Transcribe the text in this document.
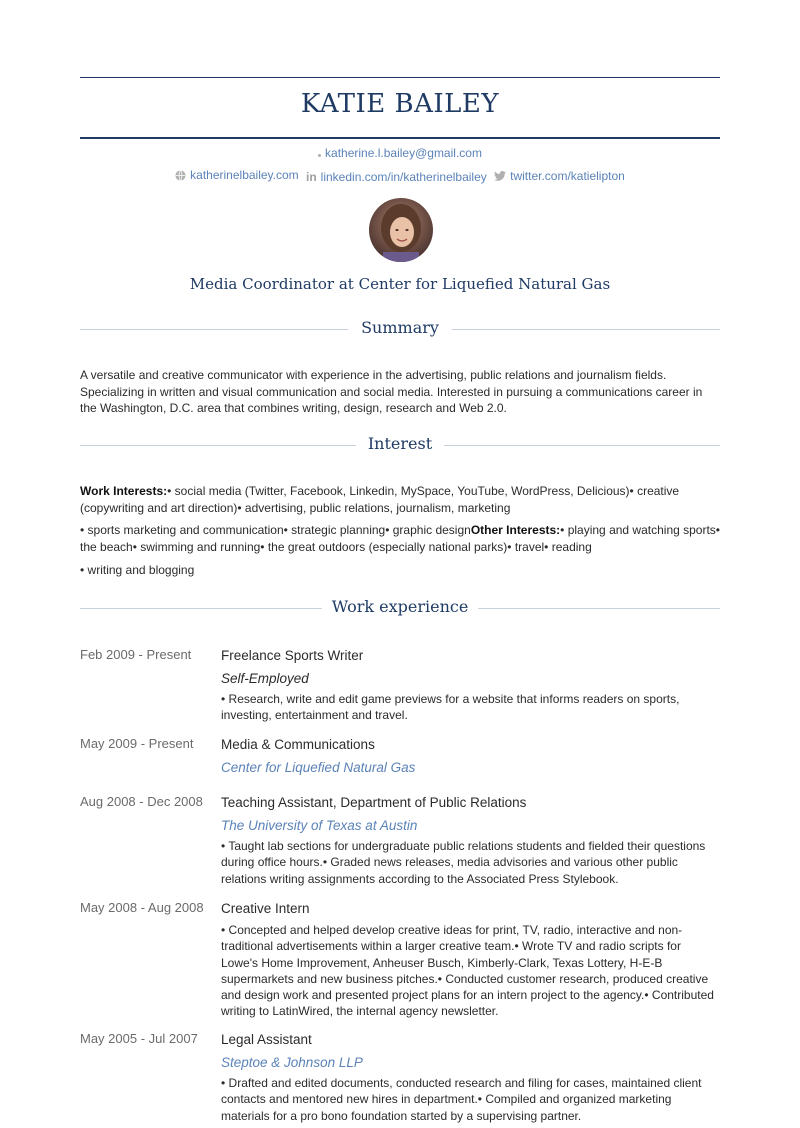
KATIE BAILEY
katherine.l.bailey@gmail.com
katherinelbailey.com
in linkedin.com/in/katherinelbailey
twitter.com/katielipton
Media Coordinator at Center for Liquefied Natural Gas
Summary
A versatile and creative communicator with experience in the advertising, public relations and journalism fields. Specializing in written and visual communication and social media. Interested in pursuing a communications career in the Washington, D.C. area that combines writing, design, research and Web 2.0.
Interest
Work Interests:• social media (Twitter, Facebook, Linkedin, MySpace, YouTube, WordPress, Delicious)• creative (copywriting and art direction)• advertising, public relations, journalism, marketing
• sports marketing and communication• strategic planning• graphic designOther Interests:• playing and watching sports• the beach• swimming and running• the great outdoors (especially national parks)• travel• reading
• writing and blogging
Work experience
Feb 2009 - Present Freelance Sports Writer
Self-Employed
• Research, write and edit game previews for a website that informs readers on sports, investing, entertainment and travel.
May 2009 - Present Media & Communications
Center for Liquefied Natural Gas
Aug 2008 - Dec 2008 Teaching Assistant, Department of Public Relations
The University of Texas at Austin
• Taught lab sections for undergraduate public relations students and fielded their questions during office hours.• Graded news releases, media advisories and various other public relations writing assignments according to the Associated Press Stylebook.
May 2008 - Aug 2008 Creative Intern
• Concepted and helped develop creative ideas for print, TV, radio, interactive and non-traditional advertisements within a larger creative team.• Wrote TV and radio scripts for Lowe's Home Improvement, Anheuser Busch, Kimberly-Clark, Texas Lottery, H-E-B supermarkets and new business pitches.• Conducted customer research, produced creative and design work and presented project plans for an intern project to the agency.• Contributed writing to LatinWired, the internal agency newsletter.
May 2005 - Jul 2007 Legal Assistant
Steptoe & Johnson LLP
• Drafted and edited documents, conducted research and filing for cases, maintained client contacts and mentored new hires in department.• Compiled and organized marketing materials for a pro bono foundation started by a supervising partner.
